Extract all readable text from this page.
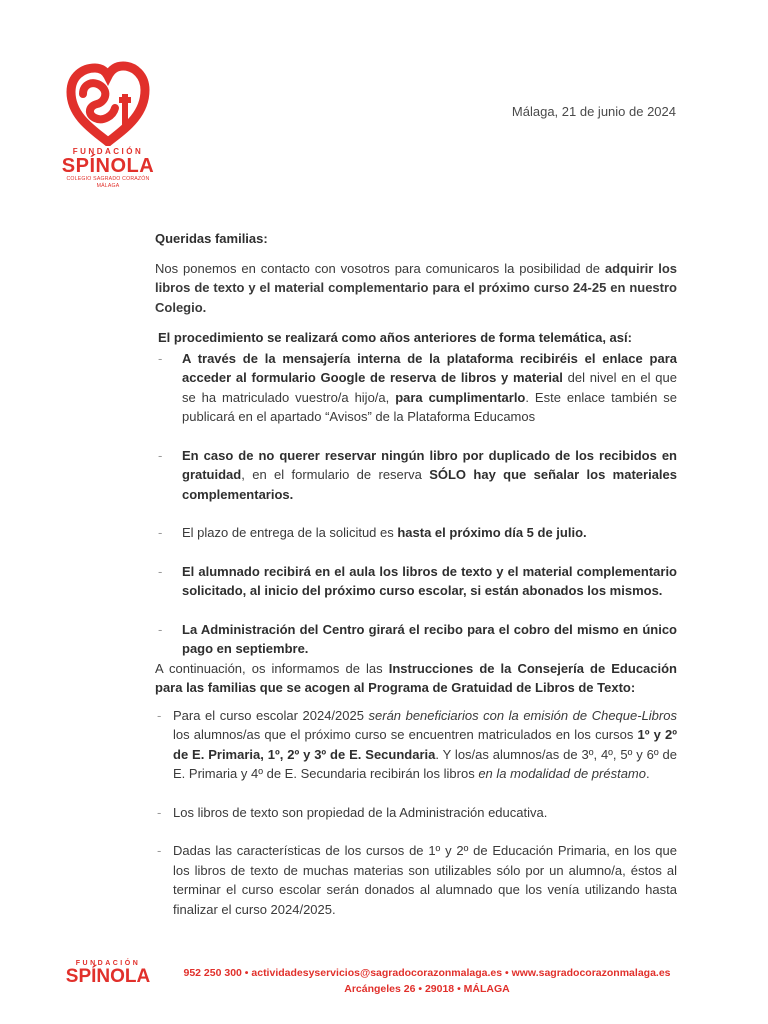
FUNDACIÓN
SPÍNOLA
COLEGIO SAGRADO CORAZÓN
MÁLAGA
Málaga, 21 de junio de 2024

Queridas familias:

Nos ponemos en contacto con vosotros para comunicaros la posibilidad de adquirir los libros de texto y el material complementario para el próximo curso 24-25 en nuestro Colegio.

El procedimiento se realizará como años anteriores de forma telemática, así:

- A través de la mensajería interna de la plataforma recibiréis el enlace para acceder al formulario Google de reserva de libros y material del nivel en el que se ha matriculado vuestro/a hijo/a, para cumplimentarlo. Este enlace también se publicará en el apartado “Avisos” de la Plataforma Educamos
- En caso de no querer reservar ningún libro por duplicado de los recibidos en gratuidad, en el formulario de reserva SÓLO hay que señalar los materiales complementarios.
- El plazo de entrega de la solicitud es hasta el próximo día 5 de julio.
- El alumnado recibirá en el aula los libros de texto y el material complementario solicitado, al inicio del próximo curso escolar, si están abonados los mismos.
- La Administración del Centro girará el recibo para el cobro del mismo en único pago en septiembre.

A continuación, os informamos de las Instrucciones de la Consejería de Educación para las familias que se acogen al Programa de Gratuidad de Libros de Texto:

- Para el curso escolar 2024/2025 serán beneficiarios con la emisión de Cheque-Libros los alumnos/as que el próximo curso se encuentren matriculados en los cursos 1º y 2º de E. Primaria, 1º, 2º y 3º de E. Secundaria. Y los/as alumnos/as de 3º, 4º, 5º y 6º de E. Primaria y 4º de E. Secundaria recibirán los libros en la modalidad de préstamo.
- Los libros de texto son propiedad de la Administración educativa.
- Dadas las características de los cursos de 1º y 2º de Educación Primaria, en los que los libros de texto de muchas materias son utilizables sólo por un alumno/a, éstos al terminar el curso escolar serán donados al alumnado que los venía utilizando hasta finalizar el curso 2024/2025.
FUNDACIÓN
SPÍNOLA	952 250 300 • actividadesyservicios@sagradocorazonmalaga.es • www.sagradocorazonmalaga.es
Arcángeles 26 • 29018 • MÁLAGA
